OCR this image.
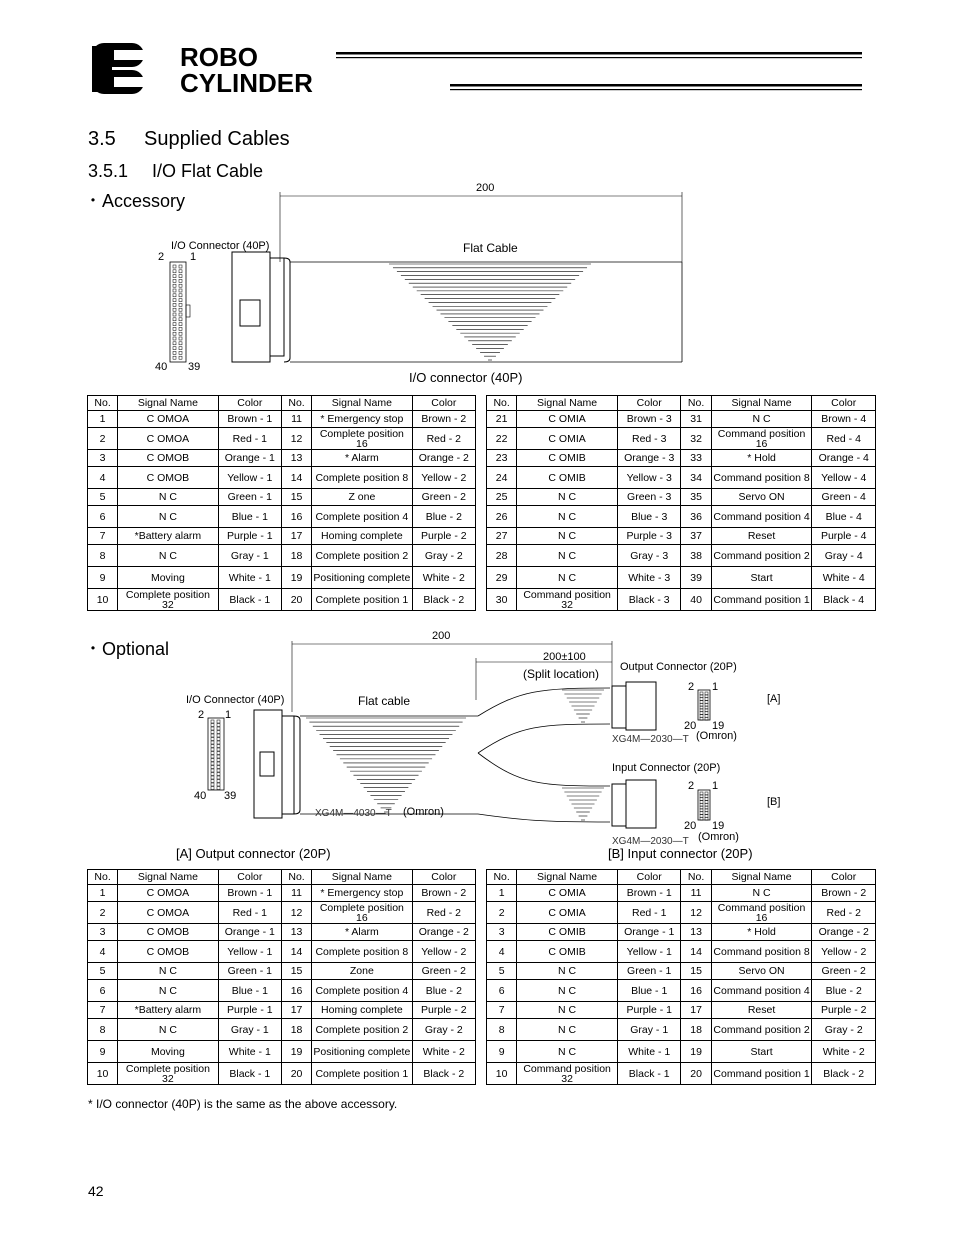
ROBO
CYLINDER
3.5 Supplied Cables
3.5.1 I/O Flat Cable
・Accessory
200
I/O Connector (40P)
2 1
40 39
Flat Cable
I/O connector (40P)
No.	Signal Name	Color	No.	Signal Name	Color
1	C OMOA	Brown - 1	11	* Emergency stop	Brown - 2
2	C OMOA	Red - 1	12	Complete position 16	Red - 2
3	C OMOB	Orange - 1	13	* Alarm	Orange - 2
4	C OMOB	Yellow - 1	14	Complete position 8	Yellow - 2
5	N C	Green - 1	15	Z one	Green - 2
6	N C	Blue - 1	16	Complete position 4	Blue - 2
7	*Battery alarm	Purple - 1	17	Homing complete	Purple - 2
8	N C	Gray - 1	18	Complete position 2	Gray - 2
9	Moving	White - 1	19	Positioning complete	White - 2
10	Complete position 32	Black - 1	20	Complete position 1	Black - 2
No.	Signal Name	Color	No.	Signal Name	Color
21	C OMIA	Brown - 3	31	N C	Brown - 4
22	C OMIA	Red - 3	32	Command position 16	Red - 4
23	C OMIB	Orange - 3	33	* Hold	Orange - 4
24	C OMIB	Yellow - 3	34	Command position 8	Yellow - 4
25	N C	Green - 3	35	Servo ON	Green - 4
26	N C	Blue - 3	36	Command position 4	Blue - 4
27	N C	Purple - 3	37	Reset	Purple - 4
28	N C	Gray - 3	38	Command position 2	Gray - 4
29	N C	White - 3	39	Start	White - 4
30	Command position 32	Black - 3	40	Command position 1	Black - 4
・Optional
200
200±100
(Split location)
I/O Connector (40P)
2 1
40 39
Flat cable
XG4M—4030—T (Omron)
Output Connector (20P)
2 1
20 19
XG4M—2030—T (Omron)
[A]
Input Connector (20P)
2 1
20 19
XG4M—2030—T (Omron)
[B]
[A] Output connector (20P)	[B] Input connector (20P)
No.	Signal Name	Color	No.	Signal Name	Color
1	C OMOA	Brown - 1	11	* Emergency stop	Brown - 2
2	C OMOA	Red - 1	12	Complete position 16	Red - 2
3	C OMOB	Orange - 1	13	* Alarm	Orange - 2
4	C OMOB	Yellow - 1	14	Complete position 8	Yellow - 2
5	N C	Green - 1	15	Zone	Green - 2
6	N C	Blue - 1	16	Complete position 4	Blue - 2
7	*Battery alarm	Purple - 1	17	Homing complete	Purple - 2
8	N C	Gray - 1	18	Complete position 2	Gray - 2
9	Moving	White - 1	19	Positioning complete	White - 2
10	Complete position 32	Black - 1	20	Complete position 1	Black - 2
No.	Signal Name	Color	No.	Signal Name	Color
1	C OMIA	Brown - 1	11	N C	Brown - 2
2	C OMIA	Red - 1	12	Command position 16	Red - 2
3	C OMIB	Orange - 1	13	* Hold	Orange - 2
4	C OMIB	Yellow - 1	14	Command position 8	Yellow - 2
5	N C	Green - 1	15	Servo ON	Green - 2
6	N C	Blue - 1	16	Command position 4	Blue - 2
7	N C	Purple - 1	17	Reset	Purple - 2
8	N C	Gray - 1	18	Command position 2	Gray - 2
9	N C	White - 1	19	Start	White - 2
10	Command position 32	Black - 1	20	Command position 1	Black - 2
* I/O connector (40P) is the same as the above accessory.
42
